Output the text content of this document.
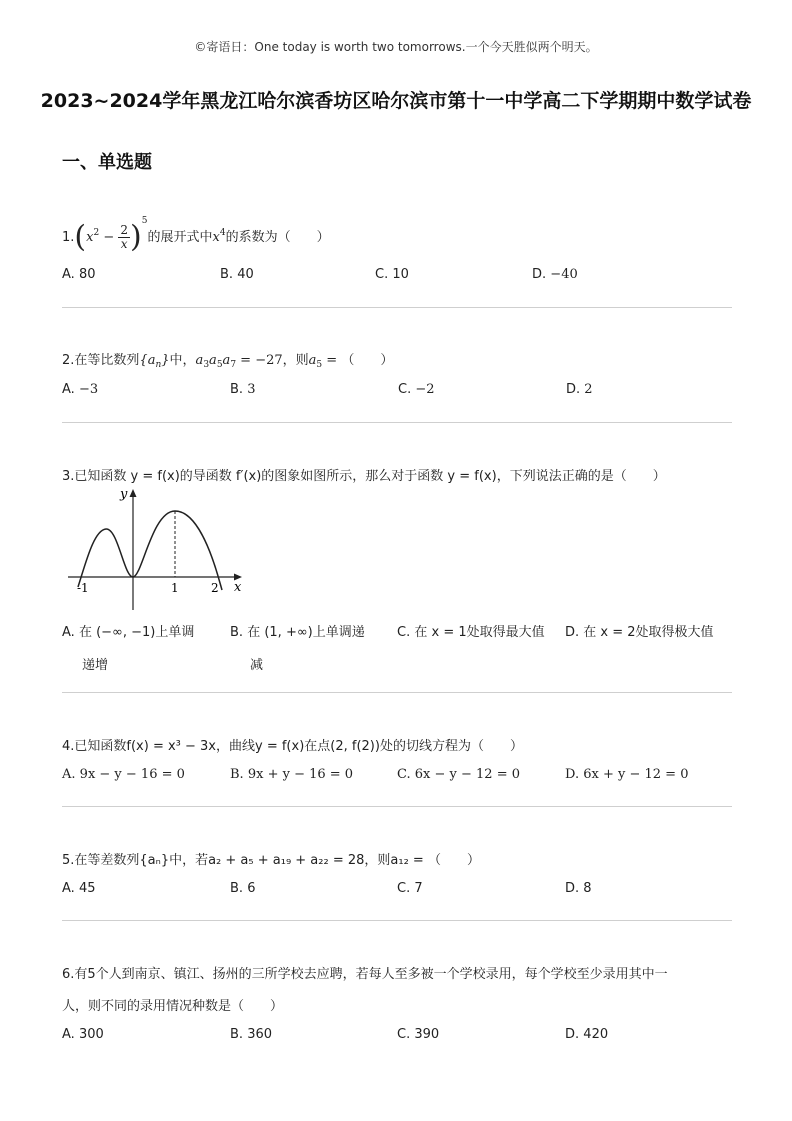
©寄语日：One today is worth two tomorrows.一个今天胜似两个明天。
2023~2024学年黑龙江哈尔滨香坊区哈尔滨市第十一中学高二下学期期中数学试卷
一、单选题
$1.(x^2 - \frac{2}{x} )^5$的展开式中$x^4$的系数为（　　）
A. 80	B. 40	C. 10	D. −40
2.在等比数列$\{a_n\}$中，$a_3a_5a_7 = -27$，则$a_5$ = （　　）
A. −3	B. 3	C. −2	D. 2
3.已知函数 y = f(x)的导函数 f′(x)的图象如图所示，那么对于函数 y = f(x)，下列说法正确的是（　　）
y
x
-1	1	2
A. 在 (−∞, −1)上单调
递增
B. 在 (1, +∞)上单调递
减
C. 在 x = 1处取得最大值 D. 在 x = 2处取得极大值
4.已知函数f(x) = x³ − 3x，曲线y = f(x)在点(2, f(2))处的切线方程为（　　）
A. 9x − y − 16 = 0	B. 9x + y − 16 = 0	C. 6x − y − 12 = 0	D. 6x + y − 12 = 0
5.在等差数列{aₙ}中，若a₂ + a₅ + a₁₉ + a₂₂ = 28，则a₁₂ = （　　）
A. 45	B. 6	C. 7	D. 8
6.有5个人到南京、镇江、扬州的三所学校去应聘，若每人至多被一个学校录用，每个学校至少录用其中一
人，则不同的录用情况种数是（　　）
A. 300	B. 360	C. 390	D. 420
